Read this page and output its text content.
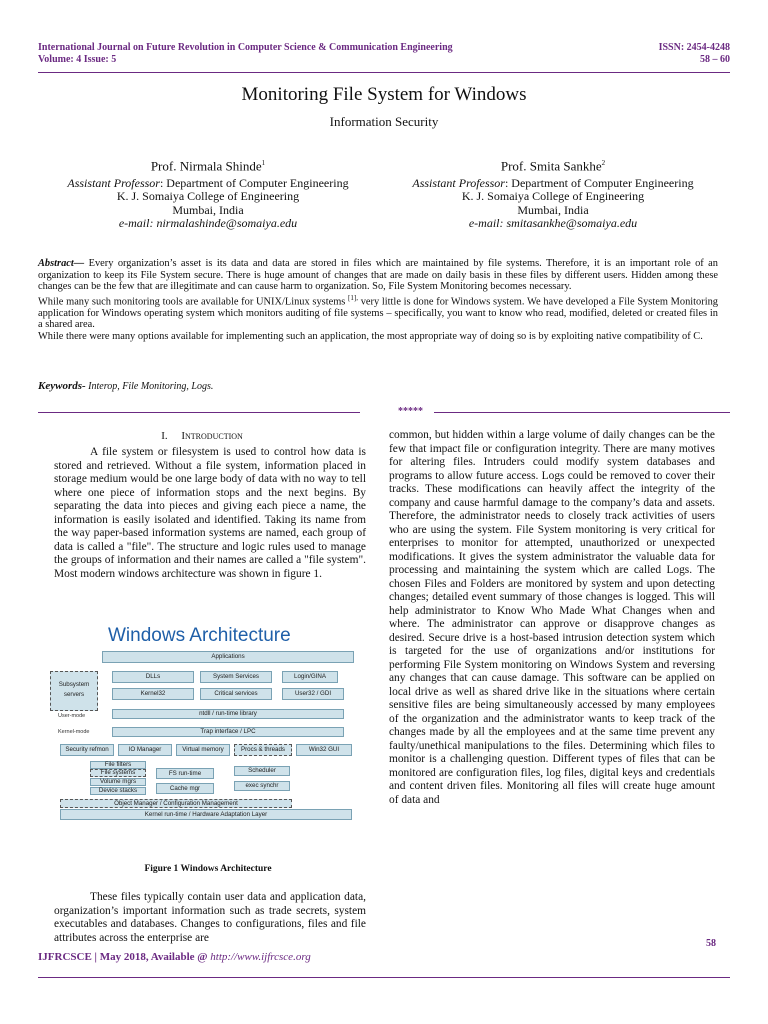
International Journal on Future Revolution in Computer Science & Communication Engineering
Volume: 4 Issue: 5
ISSN: 2454-4248
58 – 60
Monitoring File System for Windows
Information Security
Prof. Nirmala Shinde$^1$
Assistant Professor: Department of Computer Engineering
K. J. Somaiya College of Engineering
Mumbai, India
e-mail: nirmalashinde@somaiya.edu
Prof. Smita Sankhe$^2$
Assistant Professor: Department of Computer Engineering
K. J. Somaiya College of Engineering
Mumbai, India
e-mail: smitasankhe@somaiya.edu

Abstract— Every organization’s asset is its data and data are stored in files which are maintained by file systems. Therefore, it is an important role of an organization to keep its File System secure. There is huge amount of changes that are made on daily basis in these files by different users. Hidden among these changes can be the few that are illegitimate and can cause harm to organization. So, File System Monitoring becomes necessary.

While many such monitoring tools are available for UNIX/Linux systems $^{[1],}$ very little is done for Windows system. We have developed a File System Monitoring application for Windows operating system which monitors auditing of file systems – specifically, you want to know who read, modified, deleted or created files in a shared area.

While there were many options available for implementing such an application, the most appropriate way of doing so is by exploiting native compatibility of C.

Keywords- Interop, File Monitoring, Logs.
*****
I. Introduction

A file system or filesystem is used to control how data is stored and retrieved. Without a file system, information placed in storage medium would be one large body of data with no way to tell where one piece of information stops and the next begins. By separating the data into pieces and giving each piece a name, the information is easily isolated and identified. Taking its name from the way paper-based information systems are named, each group of data is called a "file". The structure and logic rules used to manage the groups of information and their names are called a "file system". Most modern windows architecture was shown in figure 1.

Windows Architecture
Applications
Subsystem servers
DLLs	System Services	Login/GINA
Kernel32	Critical services	User32 / GDI
User-mode	ntdll / run-time library
Kernel-mode	Trap interface / LPC
Security refmon	IO Manager	Virtual memory	Procs & threads	Win32 GUI
File filters
File systems
Volume mgrs
Device stacks
FS run-time
Cache mgr
Scheduler
exec synchr
Object Manager / Configuration Management
Kernel run-time / Hardware Adaptation Layer
Figure 1 Windows Architecture

These files typically contain user data and application data, organization’s important information such as trade secrets, system executables and databases. Changes to configurations, files and file attributes across the enterprise are

common, but hidden within a large volume of daily changes can be the few that impact file or configuration integrity. There are many motives for altering files. Intruders could modify system databases and programs to allow future access. Logs could be removed to cover their tracks. These modifications can heavily affect the integrity of the company and cause harmful damage to the company’s data and assets. Therefore, the administrator needs to closely track activities of users who are using the system. File System monitoring is very critical for enterprises to monitor for attempted, unauthorized or unexpected modifications. It gives the system administrator the valuable data for processing and maintaining the system which are called Logs. The chosen Files and Folders are monitored by system and upon detecting changes; detailed event summary of those changes is logged. This will help administrator to Know Who Made What Changes when and where. The administrator can approve or disapprove changes as desired. Secure drive is a host-based intrusion detection system which is targeted for the use of organizations and/or institutions for performing File System monitoring on Windows System and reversing any changes that can cause damage. This software can be applied on local drive as well as shared drive like in the situations where certain sensitive files are being simultaneously accessed by many employees of the organization and the administrator wants to keep track of the changes made by all the employees and at the same time prevent any faulty/unethical manipulations to the files. Determining which files to monitor is a challenging question. Different types of files that can be monitored are configuration files, log files, digital keys and credentials and content driven files. Monitoring all files will create huge amount of data and

58
IJFRCSCE | May 2018, Available @ http://www.ijfrcsce.org
